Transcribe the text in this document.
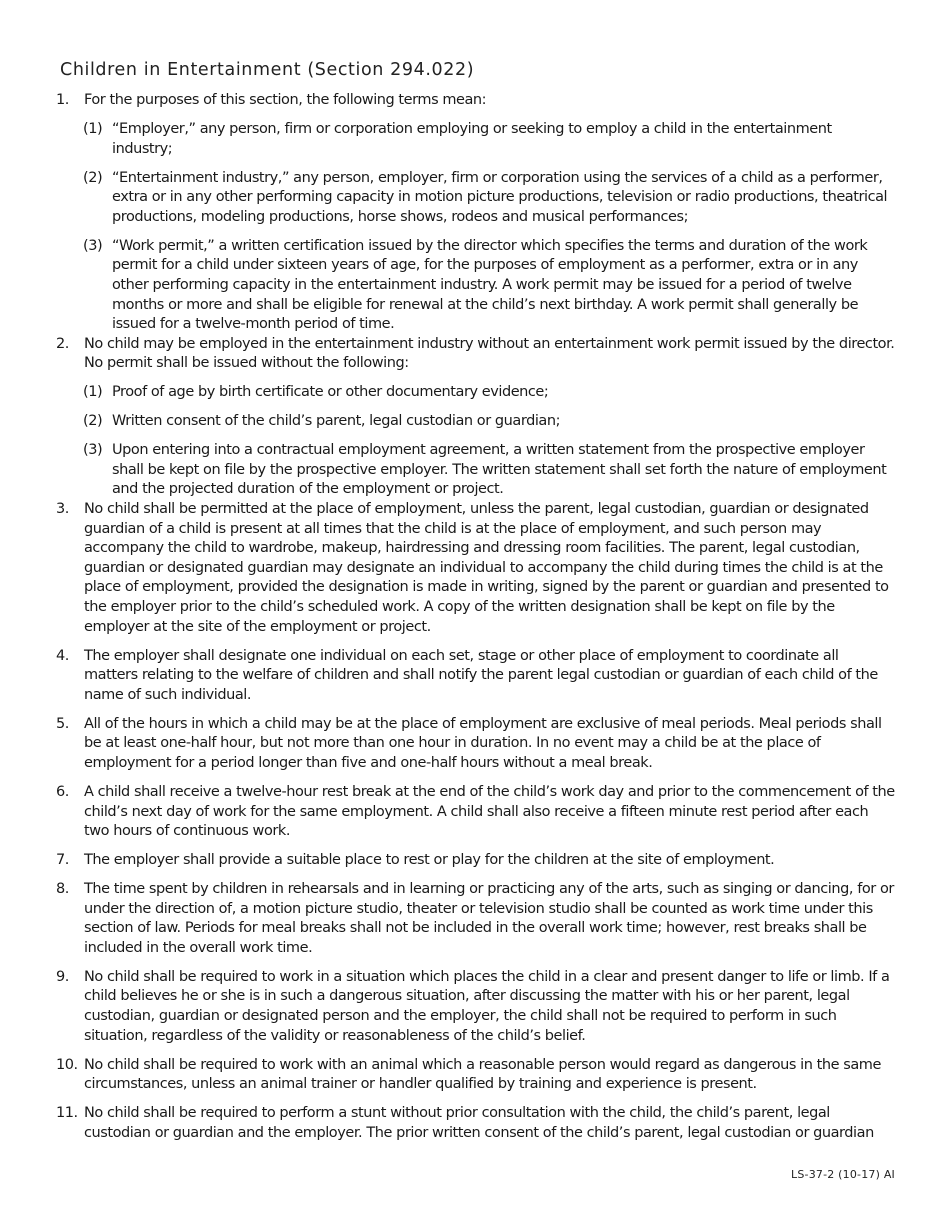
Children in Entertainment (Section 294.022)
1. For the purposes of this section, the following terms mean:
(1) “Employer,” any person, firm or corporation employing or seeking to employ a child in the entertainment industry;
(2) “Entertainment industry,” any person, employer, firm or corporation using the services of a child as a performer, extra or in any other performing capacity in motion picture productions, television or radio productions, theatrical productions, modeling productions, horse shows, rodeos and musical performances;
(3) “Work permit,” a written certification issued by the director which specifies the terms and duration of the work permit for a child under sixteen years of age, for the purposes of employment as a performer, extra or in any other performing capacity in the entertainment industry. A work permit may be issued for a period of twelve months or more and shall be eligible for renewal at the child’s next birthday. A work permit shall generally be issued for a twelve-month period of time.
2. No child may be employed in the entertainment industry without an entertainment work permit issued by the director. No permit shall be issued without the following:
(1) Proof of age by birth certificate or other documentary evidence;
(2) Written consent of the child’s parent, legal custodian or guardian;
(3) Upon entering into a contractual employment agreement, a written statement from the prospective employer shall be kept on file by the prospective employer. The written statement shall set forth the nature of employment and the projected duration of the employment or project.
3. No child shall be permitted at the place of employment, unless the parent, legal custodian, guardian or designated guardian of a child is present at all times that the child is at the place of employment, and such person may accompany the child to wardrobe, makeup, hairdressing and dressing room facilities. The parent, legal custodian, guardian or designated guardian may designate an individual to accompany the child during times the child is at the place of employment, provided the designation is made in writing, signed by the parent or guardian and presented to the employer prior to the child’s scheduled work. A copy of the written designation shall be kept on file by the employer at the site of the employment or project.
4. The employer shall designate one individual on each set, stage or other place of employment to coordinate all matters relating to the welfare of children and shall notify the parent legal custodian or guardian of each child of the name of such individual.
5. All of the hours in which a child may be at the place of employment are exclusive of meal periods. Meal periods shall be at least one-half hour, but not more than one hour in duration. In no event may a child be at the place of employment for a period longer than five and one-half hours without a meal break.
6. A child shall receive a twelve-hour rest break at the end of the child’s work day and prior to the commencement of the child’s next day of work for the same employment. A child shall also receive a fifteen minute rest period after each two hours of continuous work.
7. The employer shall provide a suitable place to rest or play for the children at the site of employment.
8. The time spent by children in rehearsals and in learning or practicing any of the arts, such as singing or dancing, for or under the direction of, a motion picture studio, theater or television studio shall be counted as work time under this section of law. Periods for meal breaks shall not be included in the overall work time; however, rest breaks shall be included in the overall work time.
9. No child shall be required to work in a situation which places the child in a clear and present danger to life or limb. If a child believes he or she is in such a dangerous situation, after discussing the matter with his or her parent, legal custodian, guardian or designated person and the employer, the child shall not be required to perform in such situation, regardless of the validity or reasonableness of the child’s belief.
10. No child shall be required to work with an animal which a reasonable person would regard as dangerous in the same circumstances, unless an animal trainer or handler qualified by training and experience is present.
11. No child shall be required to perform a stunt without prior consultation with the child, the child’s parent, legal custodian or guardian and the employer. The prior written consent of the child’s parent, legal custodian or guardian
LS-37-2 (10-17) AI
